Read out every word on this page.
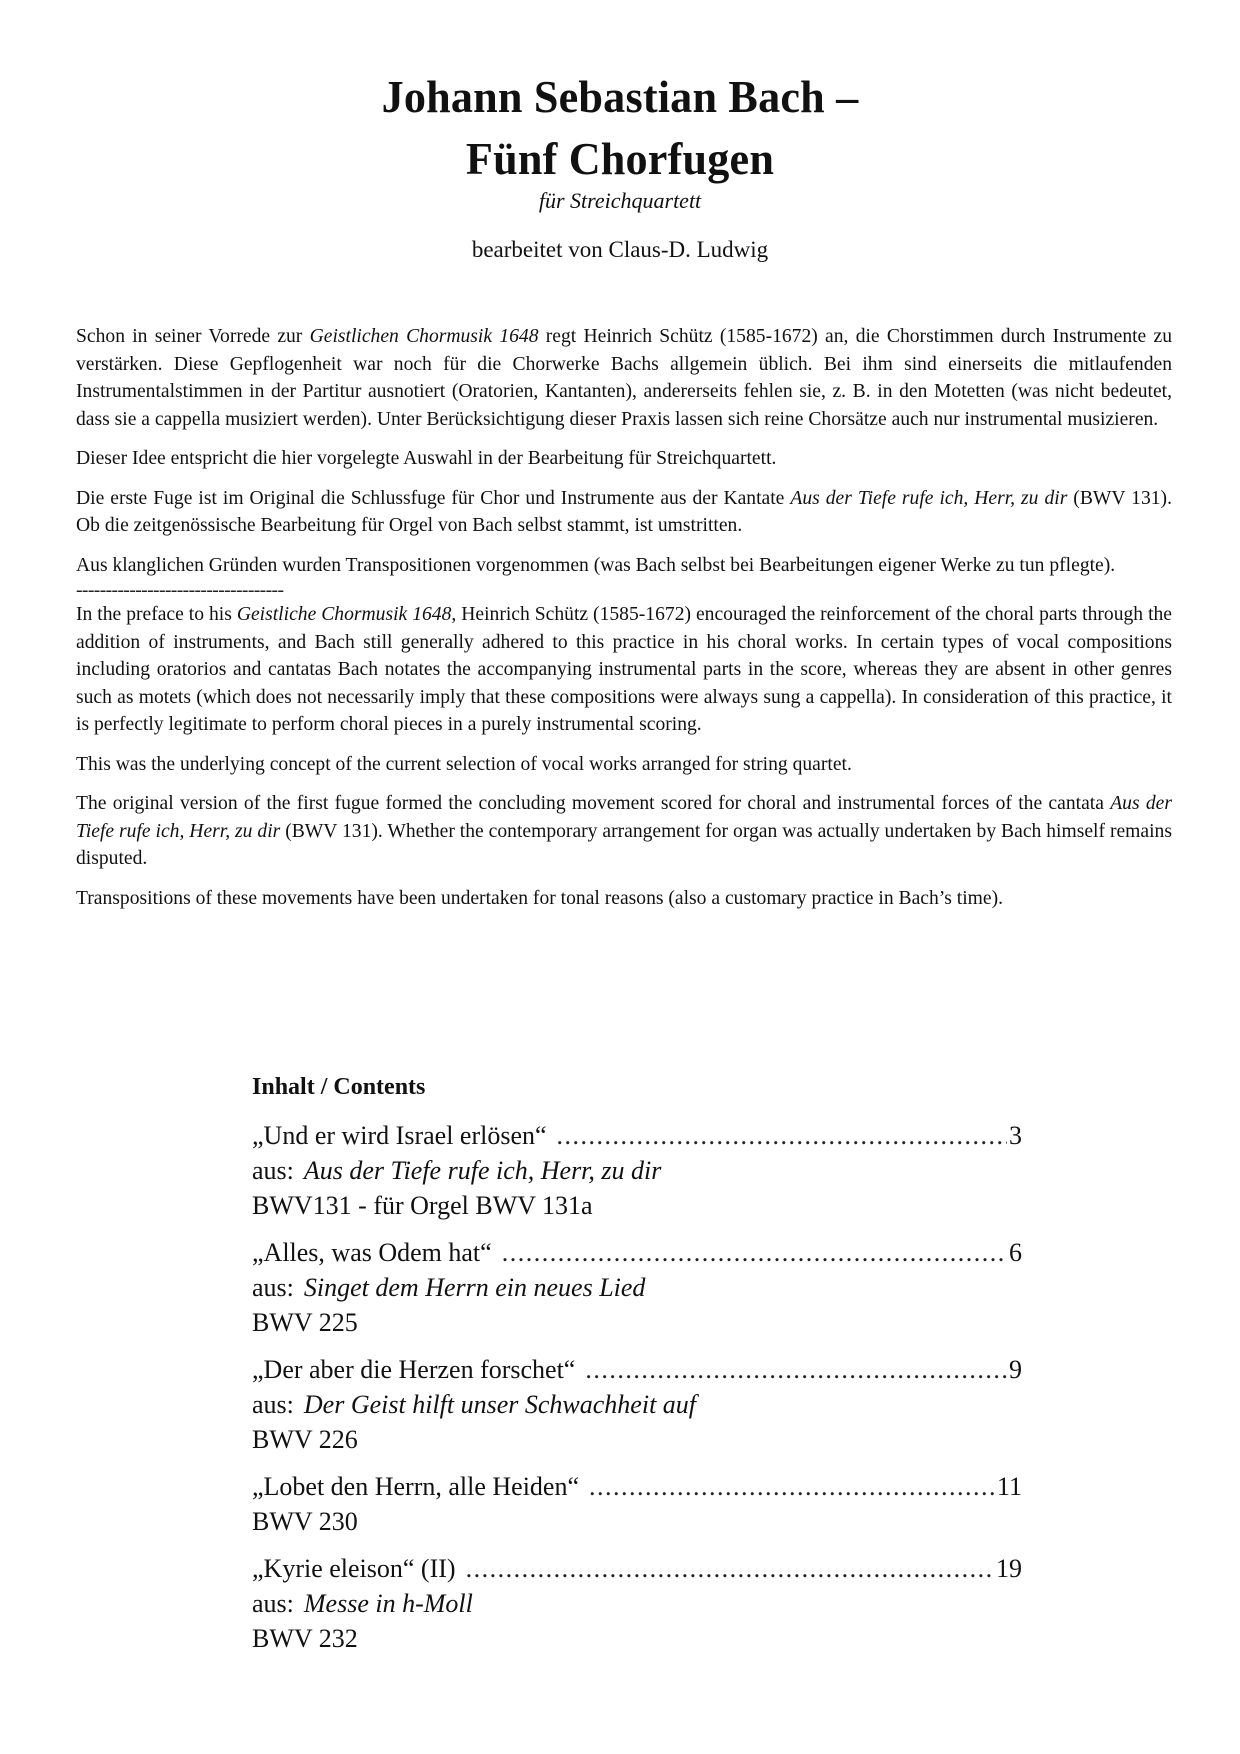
Johann Sebastian Bach –
Fünf Chorfugen
für Streichquartett
bearbeitet von Claus-D. Ludwig

Schon in seiner Vorrede zur Geistlichen Chormusik 1648 regt Heinrich Schütz (1585-1672) an, die Chorstimmen durch Instrumente zu verstärken. Diese Gepflogenheit war noch für die Chorwerke Bachs allgemein üblich. Bei ihm sind einerseits die mitlaufenden Instrumentalstimmen in der Partitur ausnotiert (Oratorien, Kantanten), andererseits fehlen sie, z. B. in den Motetten (was nicht bedeutet, dass sie a cappella musiziert werden). Unter Berücksichtigung dieser Praxis lassen sich reine Chorsätze auch nur instrumental musizieren.

Dieser Idee entspricht die hier vorgelegte Auswahl in der Bearbeitung für Streichquartett.

Die erste Fuge ist im Original die Schlussfuge für Chor und Instrumente aus der Kantate Aus der Tiefe rufe ich, Herr, zu dir (BWV 131). Ob die zeitgenössische Bearbeitung für Orgel von Bach selbst stammt, ist umstritten.

Aus klanglichen Gründen wurden Transpositionen vorgenommen (was Bach selbst bei Bearbeitungen eigener Werke zu tun pflegte).

-----------------------------------

In the preface to his Geistliche Chormusik 1648, Heinrich Schütz (1585-1672) encouraged the reinforcement of the choral parts through the addition of instruments, and Bach still generally adhered to this practice in his choral works. In certain types of vocal compositions including oratorios and cantatas Bach notates the accompanying instrumental parts in the score, whereas they are absent in other genres such as motets (which does not necessarily imply that these compositions were always sung a cappella). In consideration of this practice, it is perfectly legitimate to perform choral pieces in a purely instrumental scoring.

This was the underlying concept of the current selection of vocal works arranged for string quartet.

The original version of the first fugue formed the concluding movement scored for choral and instrumental forces of the cantata Aus der Tiefe rufe ich, Herr, zu dir (BWV 131). Whether the contemporary arrangement for organ was actually undertaken by Bach himself remains disputed.

Transpositions of these movements have been undertaken for tonal reasons (also a customary practice in Bach’s time).

Inhalt / Contents
„Und er wird Israel erlösen“ .....	3
aus: Aus der Tiefe rufe ich, Herr, zu dir
BWV131 - für Orgel BWV 131a
„Alles, was Odem hat“ .....	6
aus: Singet dem Herrn ein neues Lied
BWV 225
„Der aber die Herzen forschet“ .....	9
aus: Der Geist hilft unser Schwachheit auf
BWV 226
„Lobet den Herrn, alle Heiden“ .....	11
BWV 230
„Kyrie eleison“ (II) .....	19
aus: Messe in h-Moll
BWV 232
